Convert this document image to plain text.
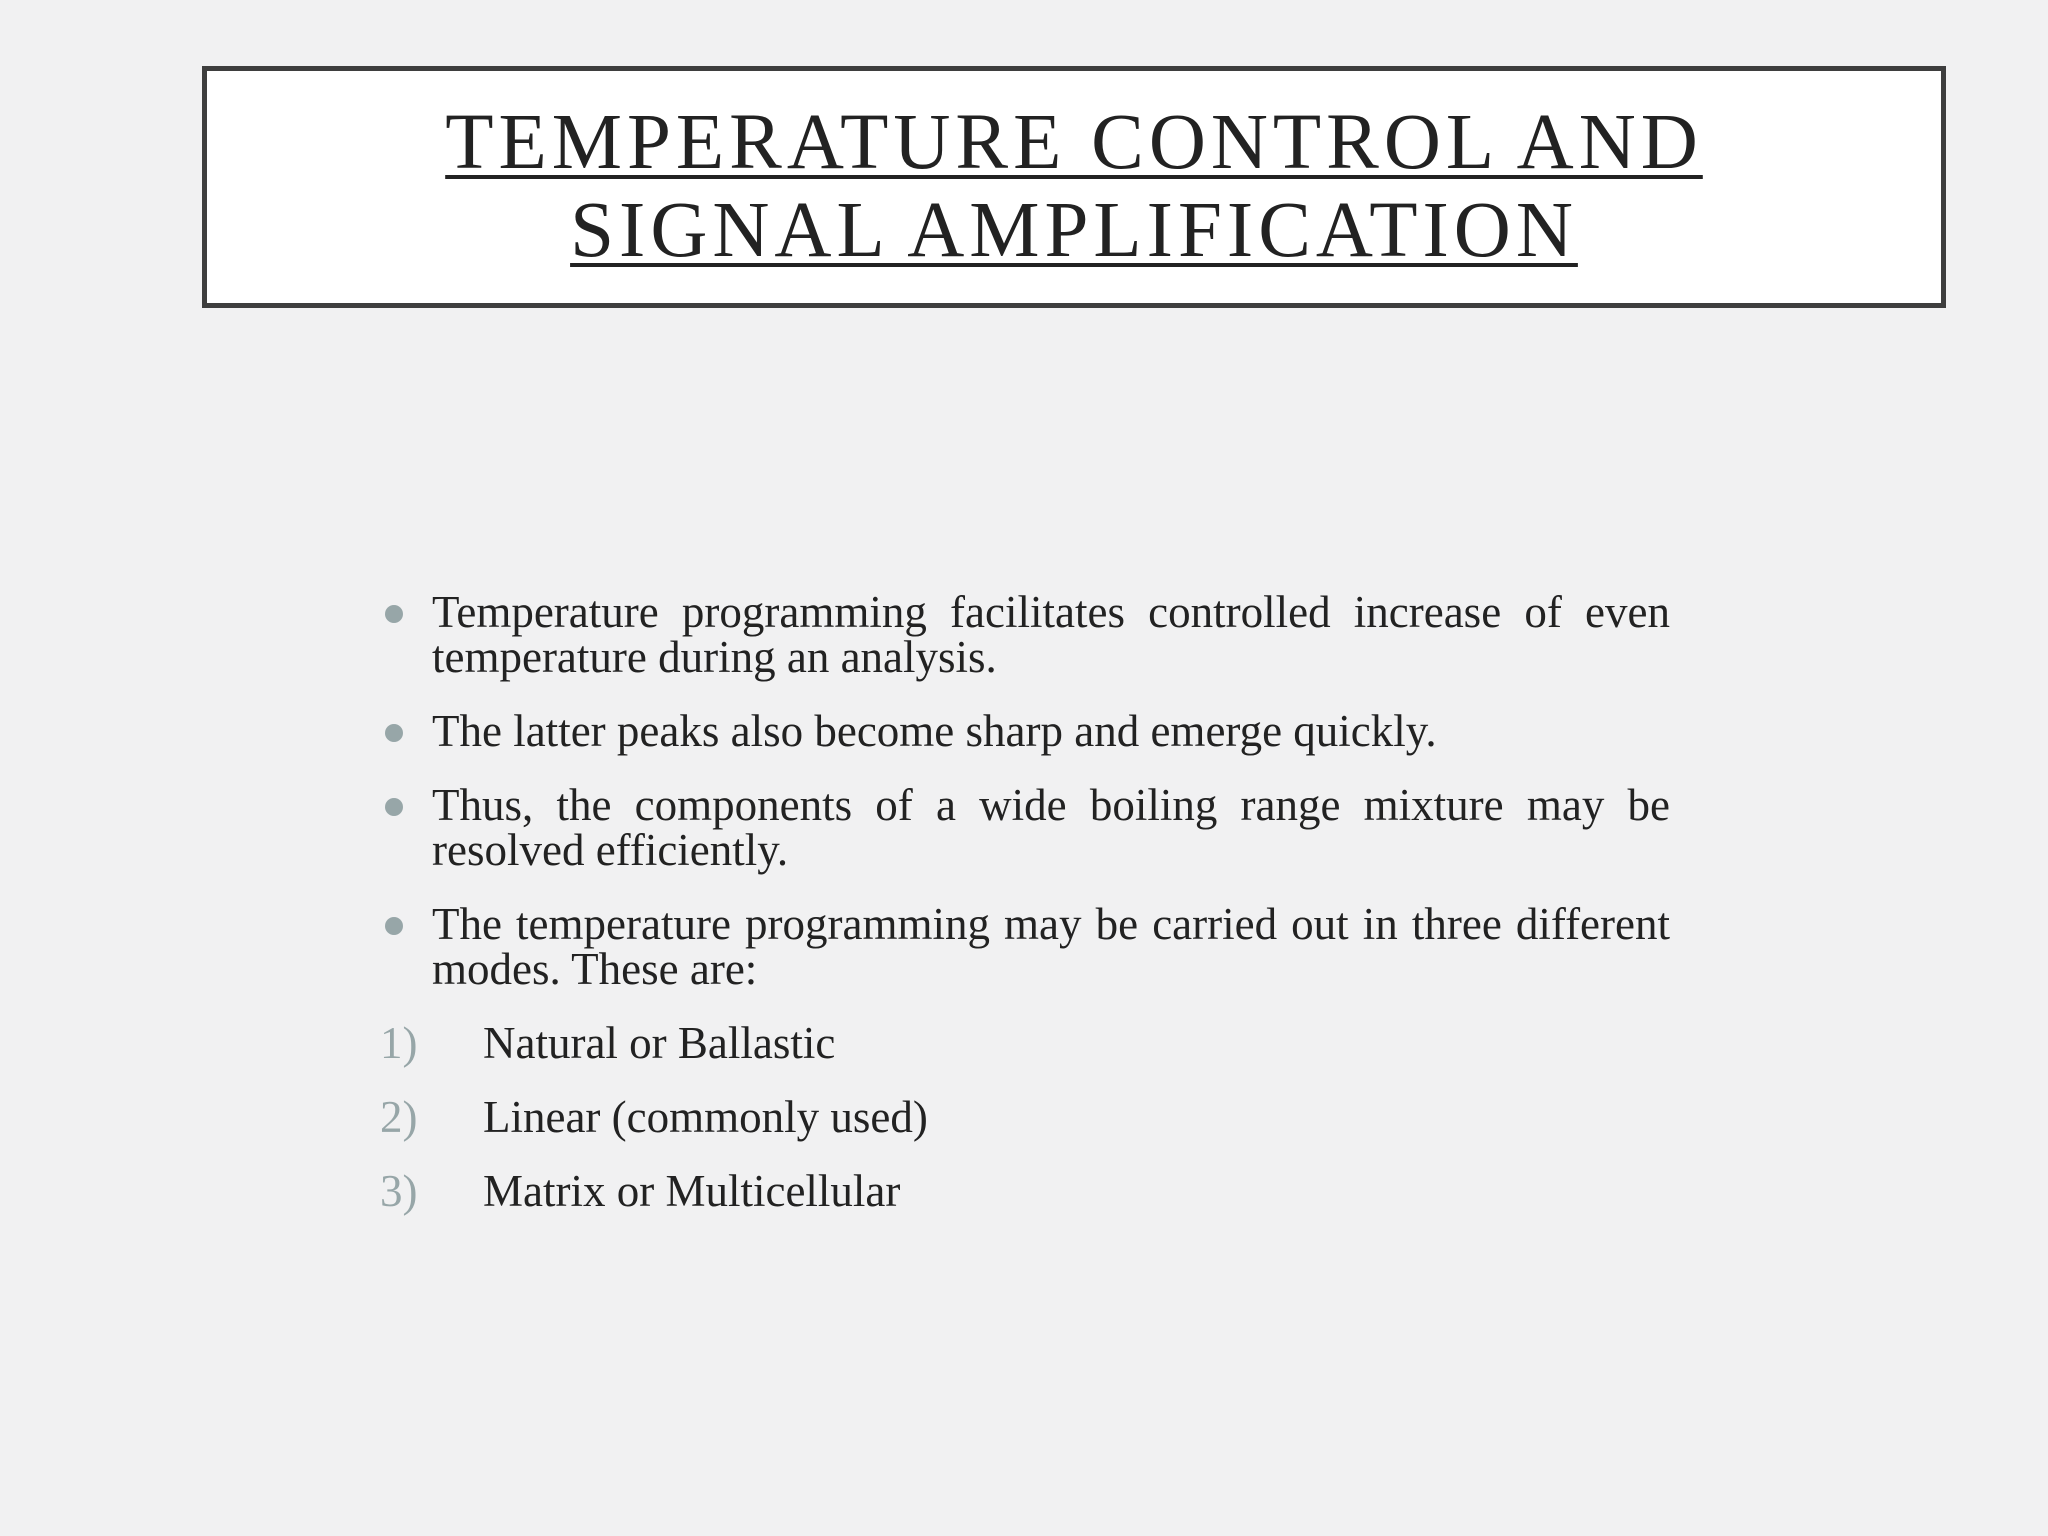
TEMPERATURE CONTROL AND
SIGNAL AMPLIFICATION
Temperature programming facilitates controlled increase of even temperature during an analysis.
The latter peaks also become sharp and emerge quickly.
Thus, the components of a wide boiling range mixture may be resolved efficiently.
The temperature programming may be carried out in three different modes. These are:
1) Natural or Ballastic
2) Linear (commonly used)
3) Matrix or Multicellular
